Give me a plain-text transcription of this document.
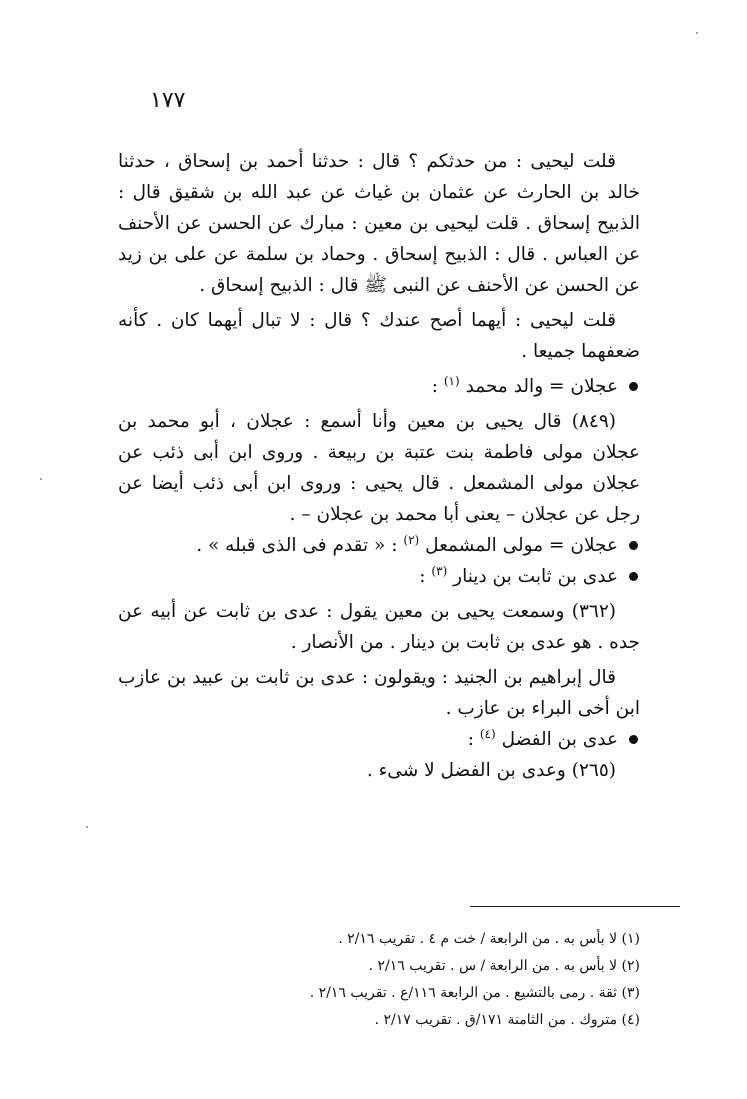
١٧٧

قلت ليحيى : من حدثكم ؟ قال : حدثنا أحمد بن إسحاق ، حدثنا خالد بن الحارث عن عثمان بن غياث عن عبد الله بن شقيق قال : الذبيح إسحاق . قلت ليحيى بن معين : مبارك عن الحسن عن الأحنف عن العباس . قال : الذبيح إسحاق . وحماد بن سلمة عن على بن زيد عن الحسن عن الأحنف عن النبى ﷺ قال : الذبيح إسحاق .

قلت ليحيى : أيهما أصح عندك ؟ قال : لا تبال أيهما كان . كأنه ضعفهما جميعا .

عجلان = والد محمد $^{(١)}$ :

(٨٤٩) قال يحيى بن معين وأنا أسمع : عجلان ، أبو محمد بن عجلان مولى فاطمة بنت عتبة بن ربيعة . وروى ابن أبى ذئب عن عجلان مولى المشمعل . قال يحيى : وروى ابن أبى ذئب أيضا عن رجل عن عجلان – يعنى أبا محمد بن عجلان – .

عجلان = مولى المشمعل $^{(٢)}$ : « تقدم فى الذى قبله » .

عدى بن ثابت بن دينار $^{(٣)}$ :

(٣٦٢) وسمعت يحيى بن معين يقول : عدى بن ثابت عن أبيه عن جده . هو عدى بن ثابت بن دينار . من الأنصار .

قال إبراهيم بن الجنيد : ويقولون : عدى بن ثابت بن عبيد بن عازب ابن أخى البراء بن عازب .

عدى بن الفضل $^{(٤)}$ :

(٢٦٥) وعدى بن الفضل لا شىء .

(١) لا بأس به . من الرابعة / خت م ٤ . تقريب ٢/١٦ .

(٢) لا بأس به . من الرابعة / س . تقريب ٢/١٦ .

(٣) ثقة . رمى بالتشيع . من الرابعة ١١٦/ع . تقريب ٢/١٦ .

(٤) متروك . من الثامنة ١٧١/ق . تقريب ٢/١٧ .
